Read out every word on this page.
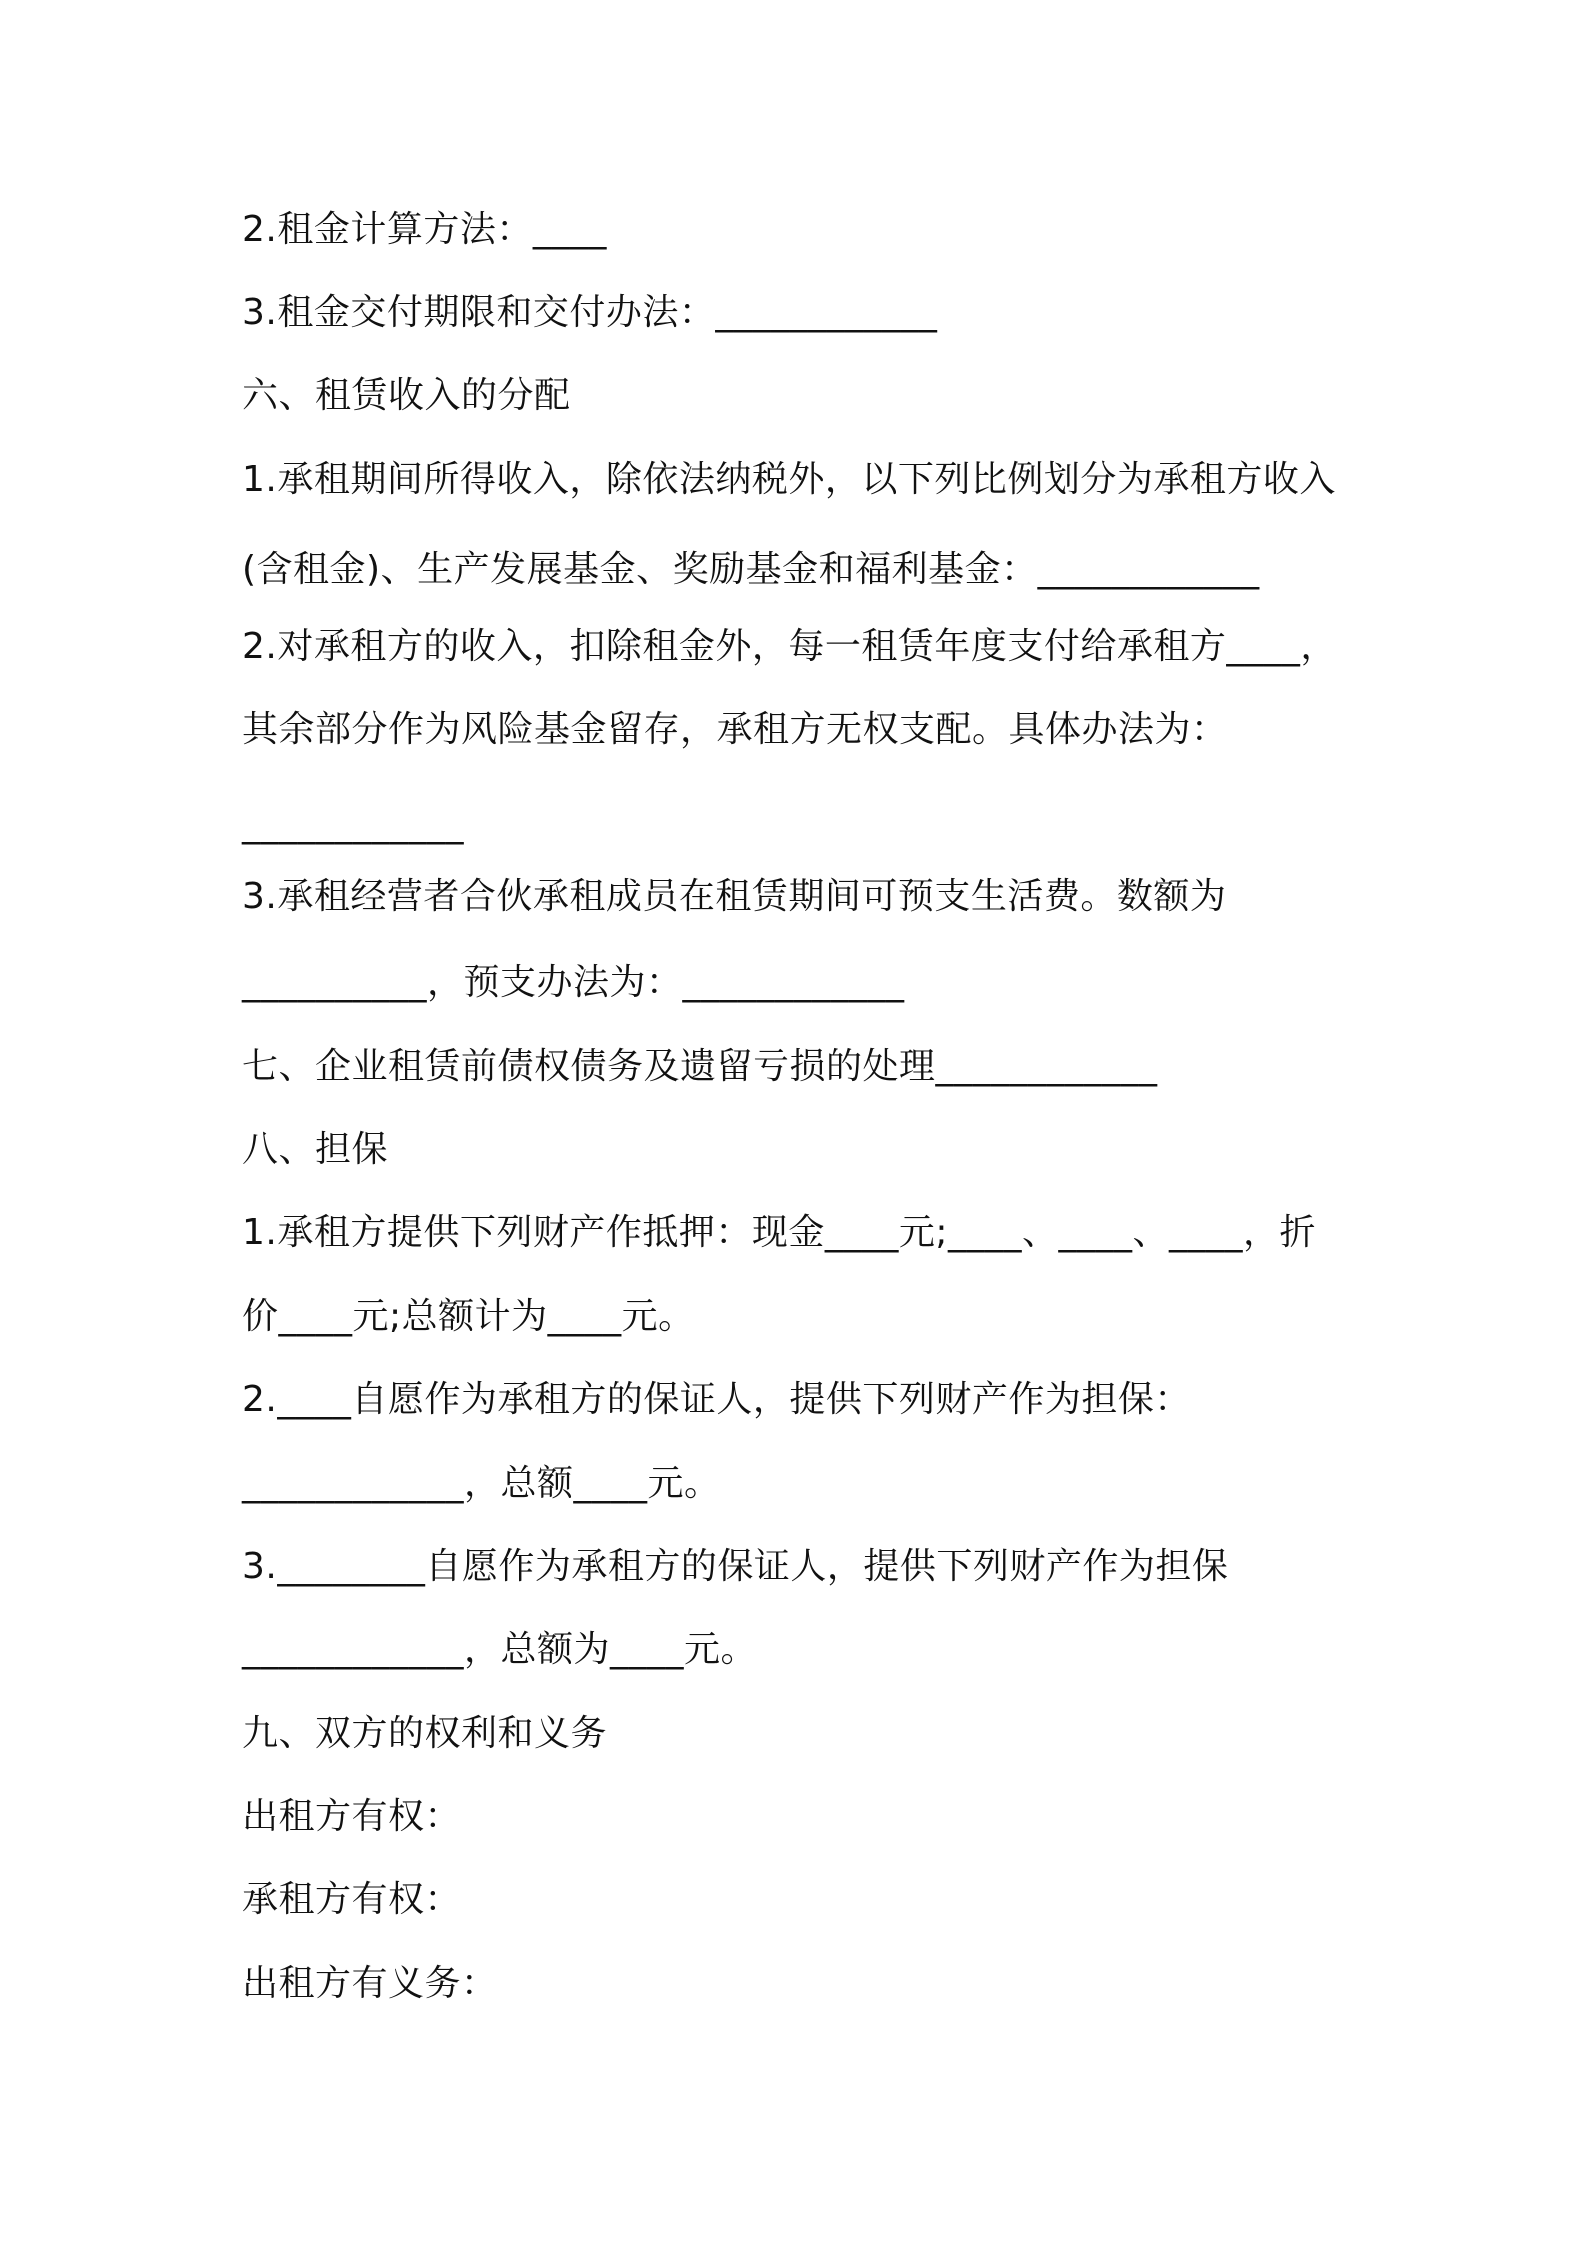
2.租金计算方法：____

3.租金交付期限和交付办法：____________

六、租赁收入的分配

1.承租期间所得收入，除依法纳税外，以下列比例划分为承租方收入

(含租金)、生产发展基金、奖励基金和福利基金：____________

2.对承租方的收入，扣除租金外，每一租赁年度支付给承租方____，

其余部分作为风险基金留存，承租方无权支配。具体办法为：

____________

3.承租经营者合伙承租成员在租赁期间可预支生活费。数额为

__________，预支办法为：____________

七、企业租赁前债权债务及遗留亏损的处理____________

八、担保

1.承租方提供下列财产作抵押：现金____元;____、____、____，折

价____元;总额计为____元。

2.____自愿作为承租方的保证人，提供下列财产作为担保：

____________，总额____元。

3.________自愿作为承租方的保证人，提供下列财产作为担保

____________，总额为____元。

九、双方的权利和义务

出租方有权：

承租方有权：

出租方有义务：
